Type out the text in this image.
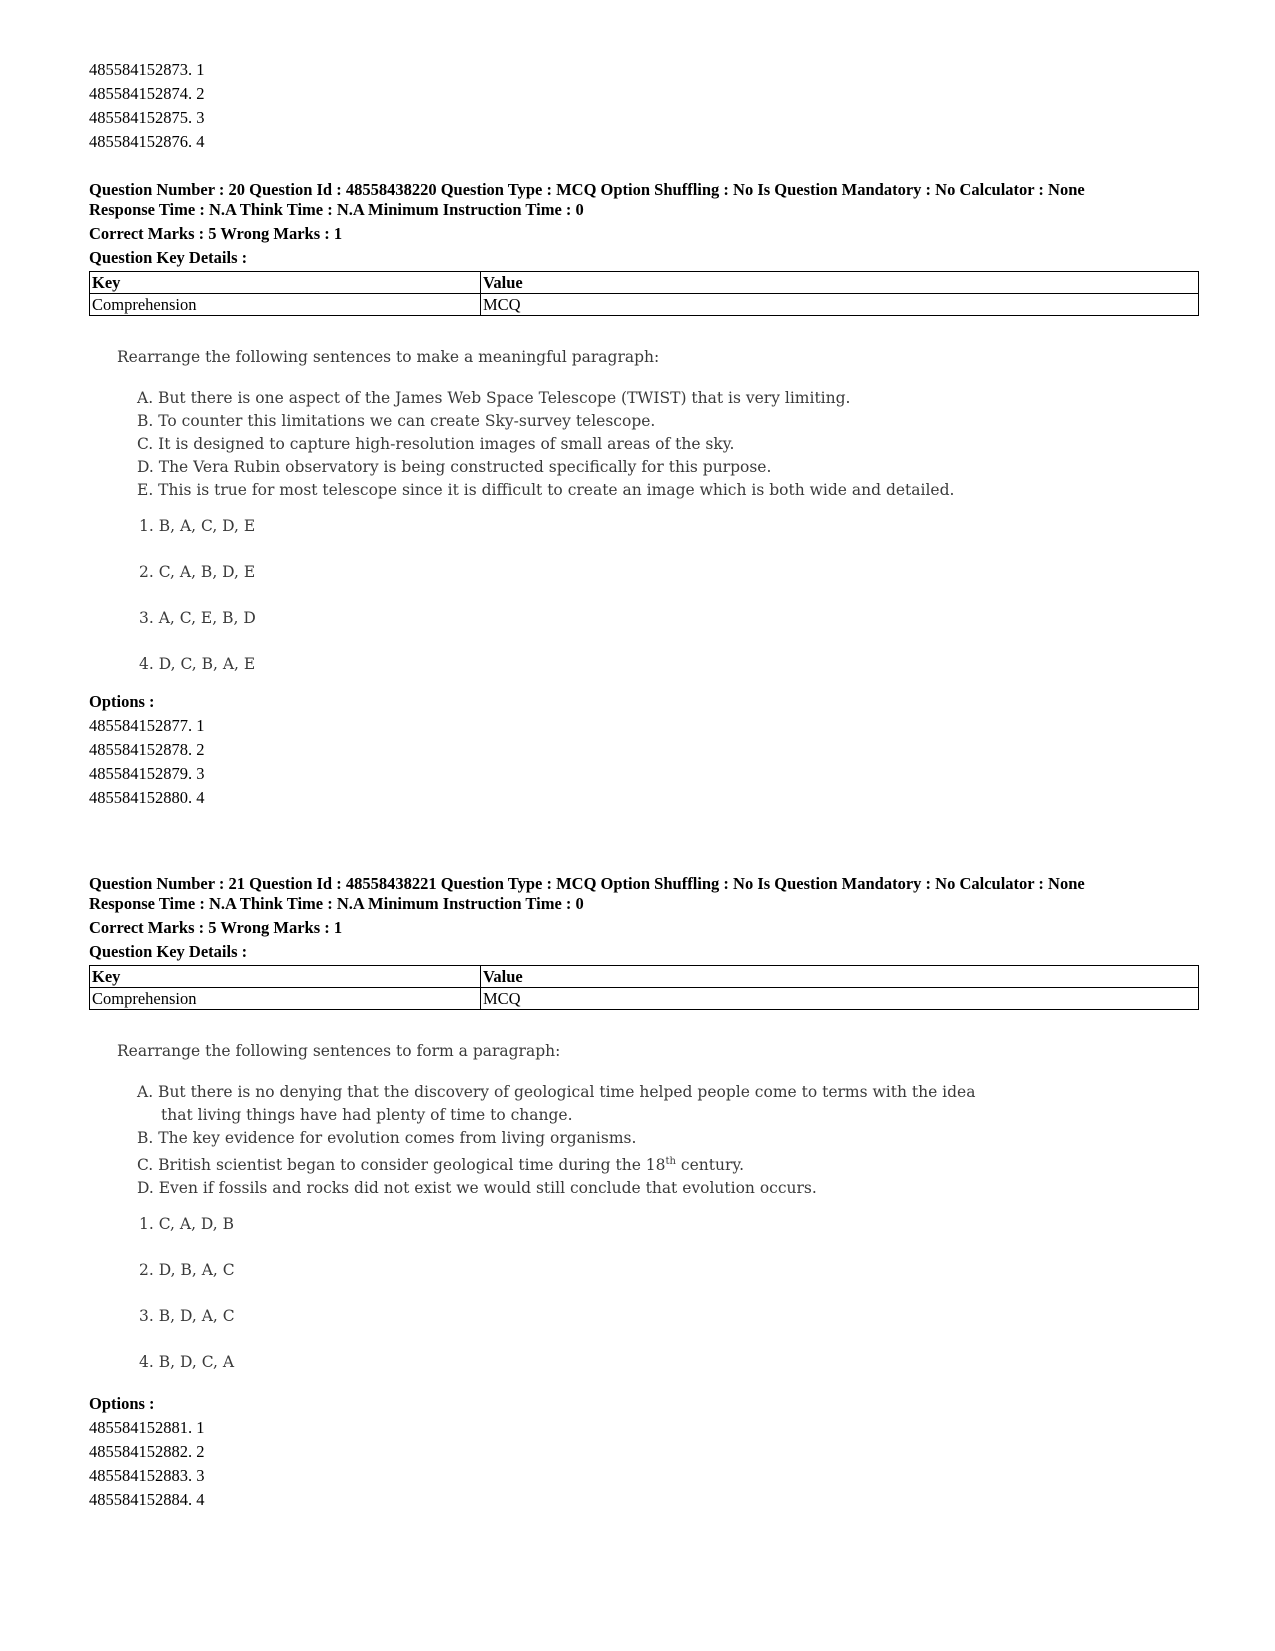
485584152873. 1
485584152874. 2
485584152875. 3
485584152876. 4
Question Number : 20 Question Id : 48558438220 Question Type : MCQ Option Shuffling : No Is Question Mandatory : No Calculator : None
Response Time : N.A Think Time : N.A Minimum Instruction Time : 0
Correct Marks : 5 Wrong Marks : 1
Question Key Details :
Key	Value
Comprehension	MCQ
Rearrange the following sentences to make a meaningful paragraph:
A. But there is one aspect of the James Web Space Telescope (TWIST) that is very limiting.
B. To counter this limitations we can create Sky-survey telescope.
C. It is designed to capture high-resolution images of small areas of the sky.
D. The Vera Rubin observatory is being constructed specifically for this purpose.
E. This is true for most telescope since it is difficult to create an image which is both wide and detailed.
1. B, A, C, D, E
2. C, A, B, D, E
3. A, C, E, B, D
4. D, C, B, A, E
Options :
485584152877. 1
485584152878. 2
485584152879. 3
485584152880. 4
Question Number : 21 Question Id : 48558438221 Question Type : MCQ Option Shuffling : No Is Question Mandatory : No Calculator : None
Response Time : N.A Think Time : N.A Minimum Instruction Time : 0
Correct Marks : 5 Wrong Marks : 1
Question Key Details :
Key	Value
Comprehension	MCQ
Rearrange the following sentences to form a paragraph:
A. But there is no denying that the discovery of geological time helped people come to terms with the idea
that living things have had plenty of time to change.
B. The key evidence for evolution comes from living organisms.
C. British scientist began to consider geological time during the 18th century.
D. Even if fossils and rocks did not exist we would still conclude that evolution occurs.
1. C, A, D, B
2. D, B, A, C
3. B, D, A, C
4. B, D, C, A
Options :
485584152881. 1
485584152882. 2
485584152883. 3
485584152884. 4
